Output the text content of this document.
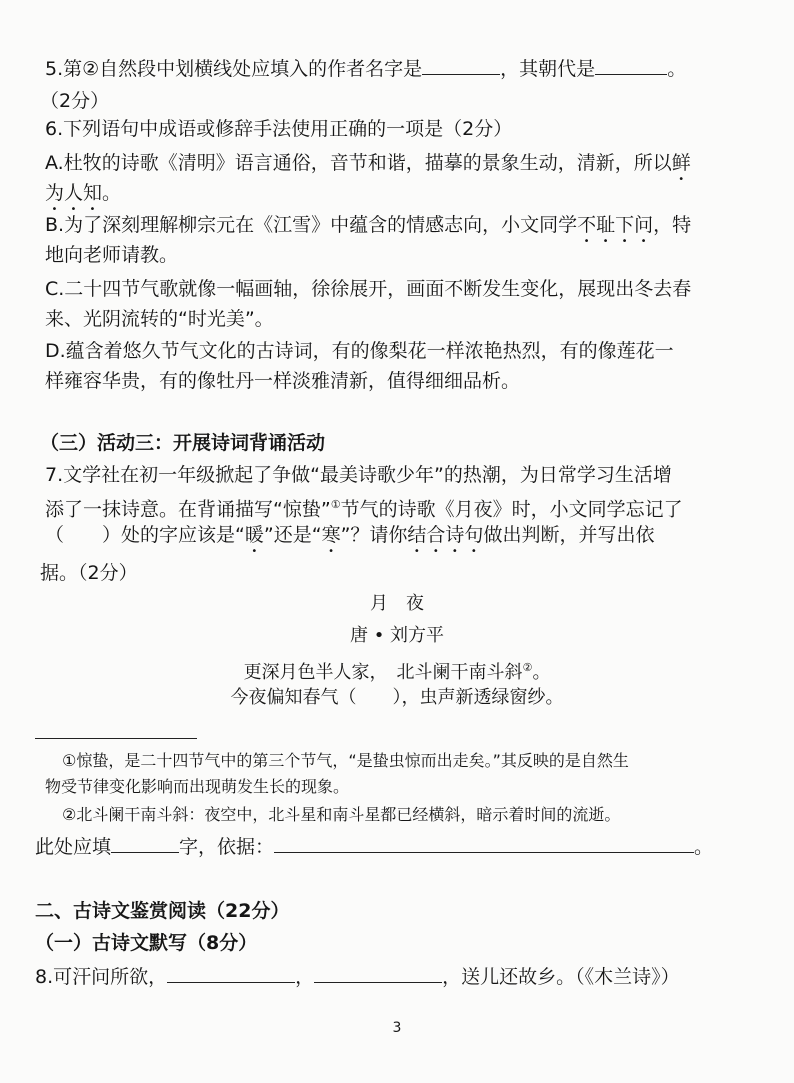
5.第②自然段中划横线处应填入的作者名字是	，其朝代是	。
（2分）
6.下列语句中成语或修辞手法使用正确的一项是（2分）
A.杜牧的诗歌《清明》语言通俗，音节和谐，描摹的景象生动，清新，所以鲜
为人知。
B.为了深刻理解柳宗元在《江雪》中蕴含的情感志向，小文同学不耻下问，特
地向老师请教。
C.二十四节气歌就像一幅画轴，徐徐展开，画面不断发生变化，展现出冬去春
来、光阴流转的“时光美”。
D.蕴含着悠久节气文化的古诗词，有的像梨花一样浓艳热烈，有的像莲花一
样雍容华贵，有的像牡丹一样淡雅清新，值得细细品析。
（三）活动三：开展诗词背诵活动
7.文学社在初一年级掀起了争做“最美诗歌少年”的热潮，为日常学习生活增
添了一抹诗意。在背诵描写“惊蛰”①节气的诗歌《月夜》时，小文同学忘记了
（　　）处的字应该是“暖”还是“寒”？请你结合诗句做出判断，并写出依
据。（2分）
月　夜
唐 • 刘方平
更深月色半人家，　北斗阑干南斗斜②。
今夜偏知春气（　　），虫声新透绿窗纱。
①惊蛰，是二十四节气中的第三个节气，“是蛰虫惊而出走矣。”其反映的是自然生
物受节律变化影响而出现萌发生长的现象。
②北斗阑干南斗斜：夜空中，北斗星和南斗星都已经横斜，暗示着时间的流逝。
此处应填	字，依据：	。
二、古诗文鉴赏阅读（22分）
（一）古诗文默写（8分）
8.可汗问所欲，	，	，送儿还故乡。（《木兰诗》）
3
